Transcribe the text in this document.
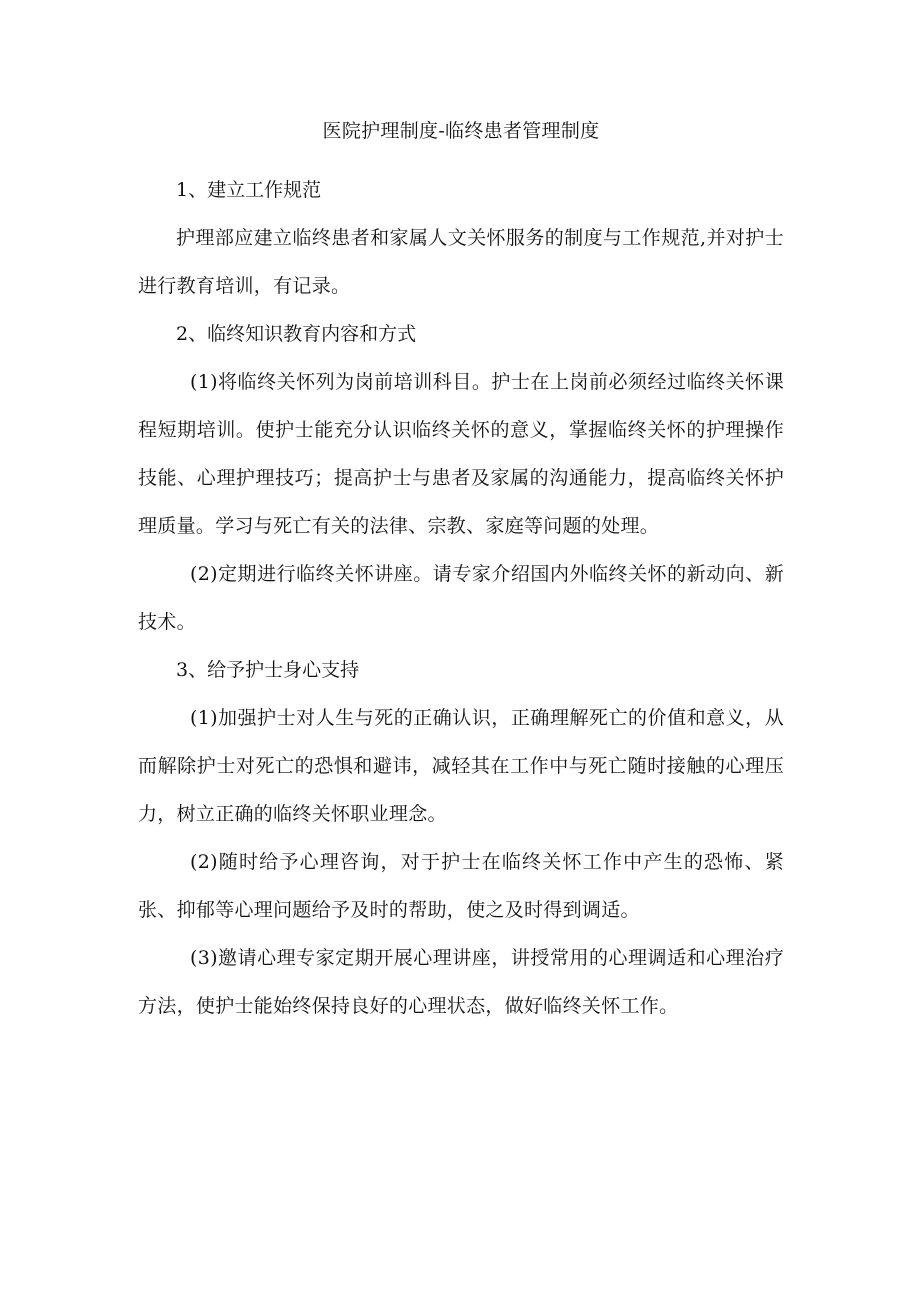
医院护理制度-临终患者管理制度

1、建立工作规范

护理部应建立临终患者和家属人文关怀服务的制度与工作规范,并对护士进行教育培训，有记录。

2、临终知识教育内容和方式

(1)将临终关怀列为岗前培训科目。护士在上岗前必须经过临终关怀课程短期培训。使护士能充分认识临终关怀的意义，掌握临终关怀的护理操作技能、心理护理技巧；提高护士与患者及家属的沟通能力，提高临终关怀护理质量。学习与死亡有关的法律、宗教、家庭等问题的处理。

(2)定期进行临终关怀讲座。请专家介绍国内外临终关怀的新动向、新技术。

3、给予护士身心支持

(1)加强护士对人生与死的正确认识，正确理解死亡的价值和意义，从而解除护士对死亡的恐惧和避讳，减轻其在工作中与死亡随时接触的心理压力，树立正确的临终关怀职业理念。

(2)随时给予心理咨询，对于护士在临终关怀工作中产生的恐怖、紧张、抑郁等心理问题给予及时的帮助，使之及时得到调适。

(3)邀请心理专家定期开展心理讲座，讲授常用的心理调适和心理治疗方法，使护士能始终保持良好的心理状态，做好临终关怀工作。
